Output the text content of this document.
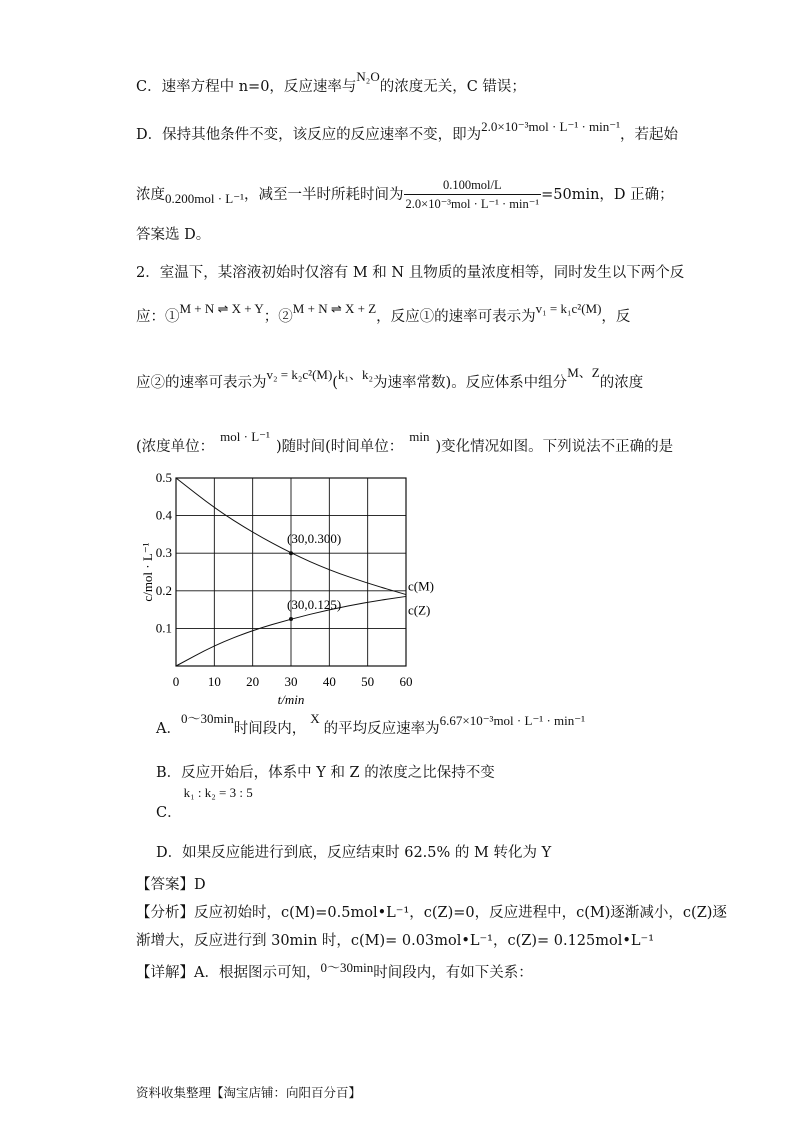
C．速率方程中 n=0，反应速率与N₂O的浓度无关，C 错误；
D．保持其他条件不变，该反应的反应速率不变，即为2.0×10⁻³mol · L⁻¹ · min⁻¹，若起始
浓度0.200mol · L⁻¹，减至一半时所耗时间为 $\frac{\text{0.100mol/L}}{\text{2.0×10⁻³mol · L⁻¹ · min⁻¹}} =50\min$，D 正确；
答案选 D。
2．室温下，某溶液初始时仅溶有 M 和 N 且物质的量浓度相等，同时发生以下两个反
应：①M + N ⇌ X + Y；②M + N ⇌ X + Z，反应①的速率可表示为v₁ = k₁c²(M)，反
应②的速率可表示为v₂ = k₂c²(M)(k₁、k₂为速率常数)。反应体系中组分M、Z的浓度
(浓度单位：mol · L⁻¹)随时间(时间单位：min)变化情况如图。下列说法不正确的是
0 10 20 30 40 50 60
0.1
0.2
0.3
0.4
0.5
t/min
c/mol · L⁻¹	c(M)
c(Z)
(30,0.300)
(30,0.125)
A．0～30min时间段内，X的平均反应速率为6.67×10⁻³mol · L⁻¹ · min⁻¹
B．反应开始后，体系中 Y 和 Z 的浓度之比保持不变
C．k₁ : k₂ = 3 : 5
D．如果反应能进行到底，反应结束时 62.5% 的 M 转化为 Y
【答案】D
【分析】反应初始时，c(M)=0.5mol•L⁻¹，c(Z)=0，反应进程中，c(M)逐渐减小，c(Z)逐
渐增大，反应进行到 30min 时，c(M)= 0.03mol•L⁻¹，c(Z)= 0.125mol•L⁻¹
【详解】A．根据图示可知，0～30min时间段内，有如下关系：
资料收集整理【淘宝店铺：向阳百分百】
